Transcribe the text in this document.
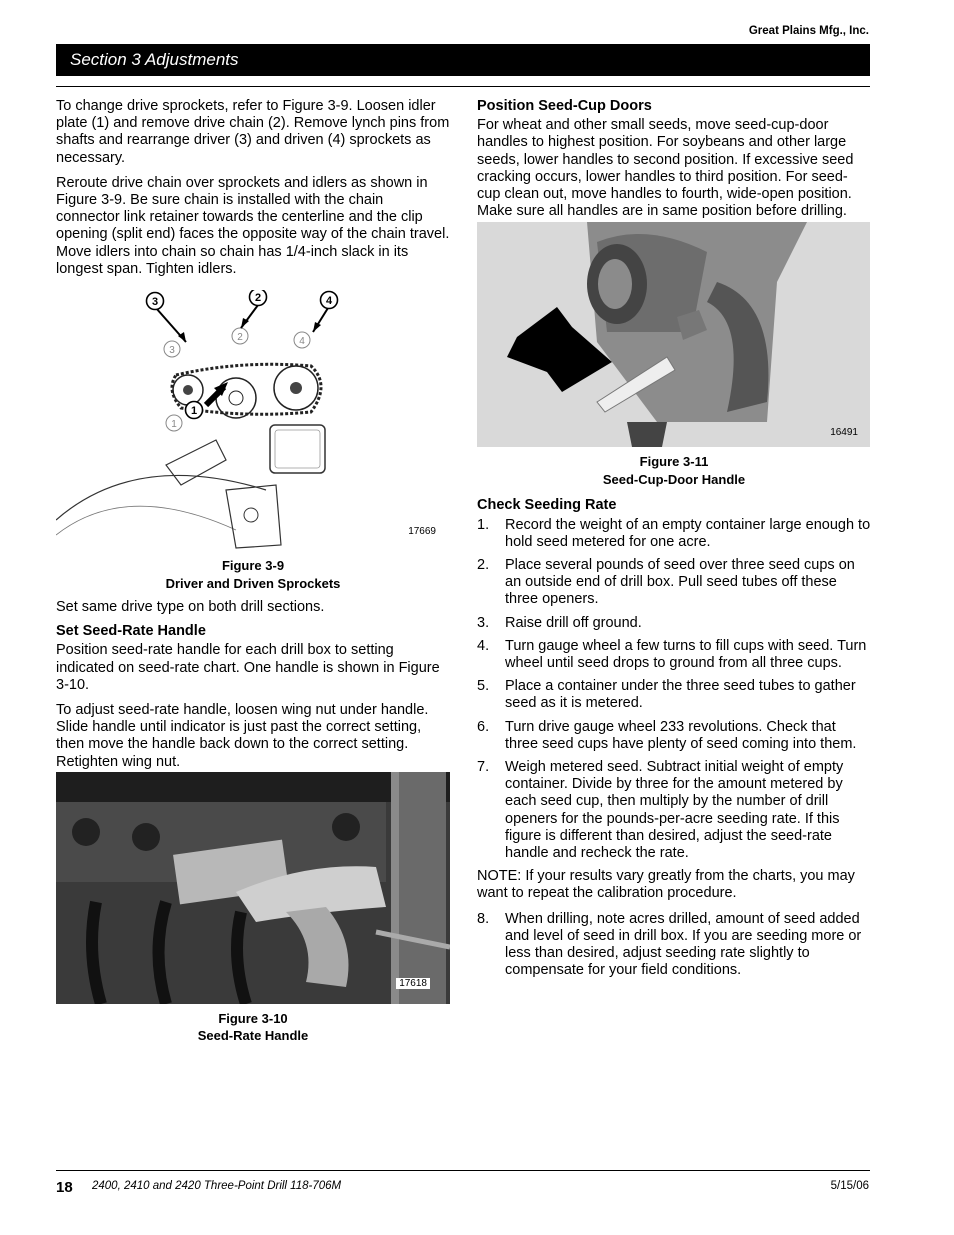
Great Plains Mfg., Inc.
Section 3 Adjustments

To change drive sprockets, refer to Figure 3-9. Loosen idler plate (1) and remove drive chain (2). Remove lynch pins from shafts and rearrange driver (3) and driven (4) sprockets as necessary.

Reroute drive chain over sprockets and idlers as shown in Figure 3-9. Be sure chain is installed with the chain connector link retainer towards the centerline and the clip opening (split end) faces the opposite way of the chain travel. Move idlers into chain so chain has 1/4-inch slack in its longest span. Tighten idlers.

3
2	4
1
3	2	4
1
17669
Figure 3-9
Driver and Driven Sprockets

Set same drive type on both drill sections.

Set Seed-Rate Handle

Position seed-rate handle for each drill box to setting indicated on seed-rate chart. One handle is shown in Figure 3-10.

To adjust seed-rate handle, loosen wing nut under handle. Slide handle until indicator is just past the correct setting, then move the handle back down to the correct setting. Retighten wing nut.

17618
Figure 3-10
Seed-Rate Handle
Position Seed-Cup Doors

For wheat and other small seeds, move seed-cup-door handles to highest position. For soybeans and other large seeds, lower handles to second position. If excessive seed cracking occurs, lower handles to third position. For seed-cup clean out, move handles to fourth, wide-open position. Make sure all handles are in same position before drilling.

16491
Figure 3-11
Seed-Cup-Door Handle
Check Seeding Rate
1. Record the weight of an empty container large enough to hold seed metered for one acre.
2. Place several pounds of seed over three seed cups on an outside end of drill box. Pull seed tubes off these three openers.
3. Raise drill off ground.
4. Turn gauge wheel a few turns to fill cups with seed. Turn wheel until seed drops to ground from all three cups.
5. Place a container under the three seed tubes to gather seed as it is metered.
6. Turn drive gauge wheel 233 revolutions. Check that three seed cups have plenty of seed coming into them.
7. Weigh metered seed. Subtract initial weight of empty container. Divide by three for the amount metered by each seed cup, then multiply by the number of drill openers for the pounds-per-acre seeding rate. If this figure is different than desired, adjust the seed-rate handle and recheck the rate.

NOTE: If your results vary greatly from the charts, you may want to repeat the calibration procedure.

8. When drilling, note acres drilled, amount of seed added and level of seed in drill box. If you are seeding more or less than desired, adjust seeding rate slightly to compensate for your field conditions.
18 2400, 2410 and 2420 Three-Point Drill 118-706M	5/15/06
